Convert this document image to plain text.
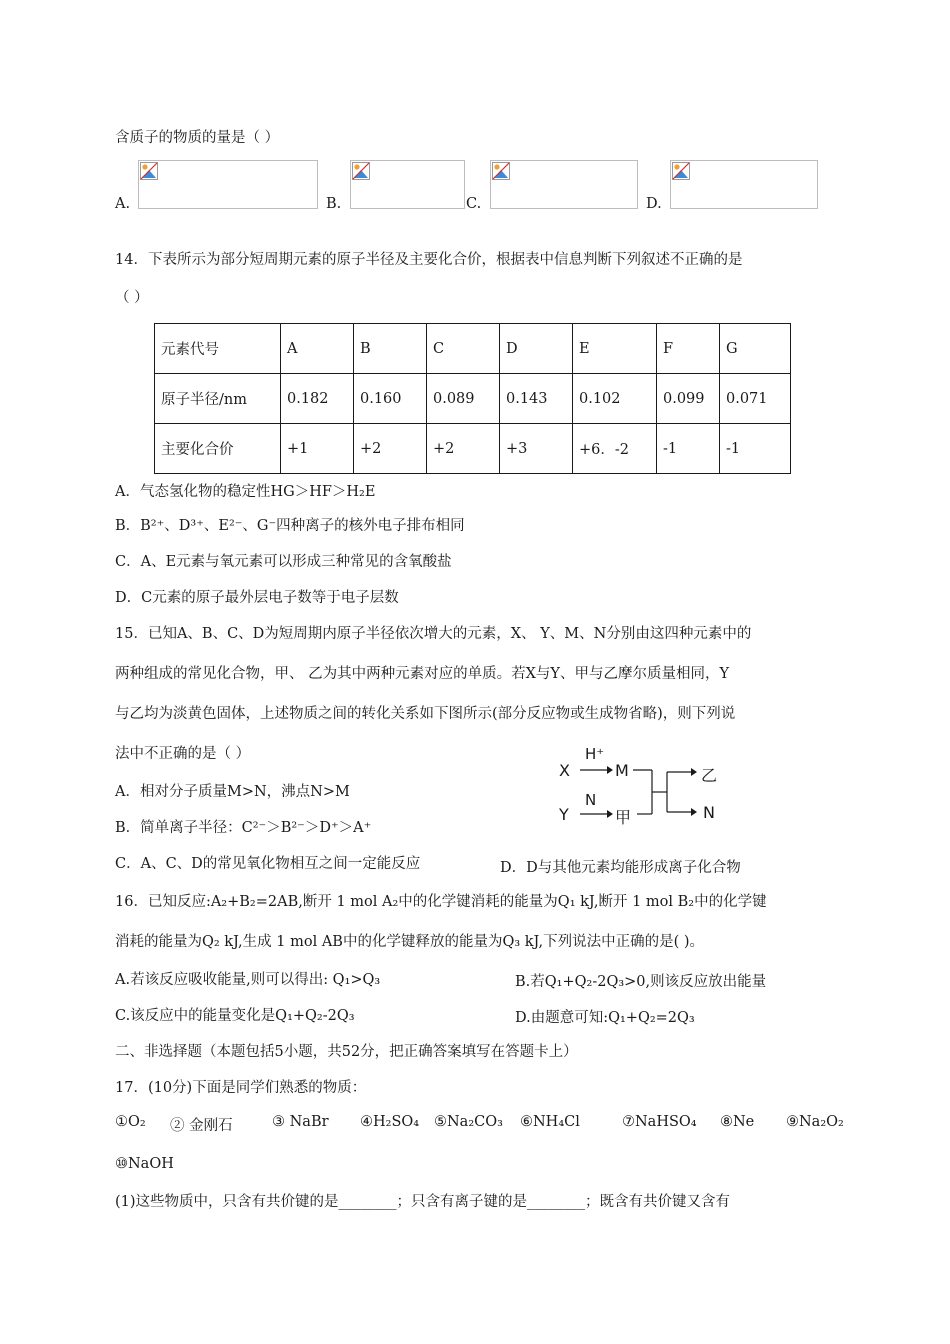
含质子的物质的量是（ ）
A.	B.	C.	D.
14．下表所示为部分短周期元素的原子半径及主要化合价，根据表中信息判断下列叙述不正确的是
（ ）
元素代号	A	B	C	D	E	F	G
原子半径/nm	0.182	0.160	0.089	0.143	0.102	0.099	0.071
主要化合价	+1	+2	+2	+3	+6．-2	-1	-1
A．气态氢化物的稳定性HG＞HF＞H₂E
B．B²⁺、D³⁺、E²⁻、G⁻四种离子的核外电子排布相同
C．A、E元素与氧元素可以形成三种常见的含氧酸盐
D．C元素的原子最外层电子数等于电子层数
15．已知A、B、C、D为短周期内原子半径依次增大的元素，X、 Y、M、N分别由这四种元素中的
两种组成的常见化合物，甲、 乙为其中两种元素对应的单质。若X与Y、甲与乙摩尔质量相同，Y
与乙均为淡黄色固体，上述物质之间的转化关系如下图所示(部分反应物或生成物省略)，则下列说
法中不正确的是（ ）
A．相对分子质量M>N，沸点N>M
B．简单离子半径：C²⁻＞B²⁻＞D⁺＞A⁺
C．A、C、D的常见氧化物相互之间一定能反应	D．D与其他元素均能形成离子化合物
X
H⁺
M
Y
N
甲
乙
N
16．已知反应:A₂+B₂=2AB,断开 1 mol A₂中的化学键消耗的能量为Q₁ kJ,断开 1 mol B₂中的化学键
消耗的能量为Q₂ kJ,生成 1 mol AB中的化学键释放的能量为Q₃ kJ,下列说法中正确的是( )。
A.若该反应吸收能量,则可以得出: Q₁>Q₃	B.若Q₁+Q₂-2Q₃>0,则该反应放出能量
C.该反应中的能量变化是Q₁+Q₂-2Q₃	D.由题意可知:Q₁+Q₂=2Q₃
二、非选择题（本题包括5小题，共52分，把正确答案填写在答题卡上）
17．(10分)下面是同学们熟悉的物质：
①O₂ ② 金刚石	③ NaBr ④H₂SO₄ ⑤Na₂CO₃ ⑥NH₄Cl	⑦NaHSO₄ ⑧Ne ⑨Na₂O₂
⑩NaOH
(1)这些物质中，只含有共价键的是________；只含有离子键的是________；既含有共价键又含有
